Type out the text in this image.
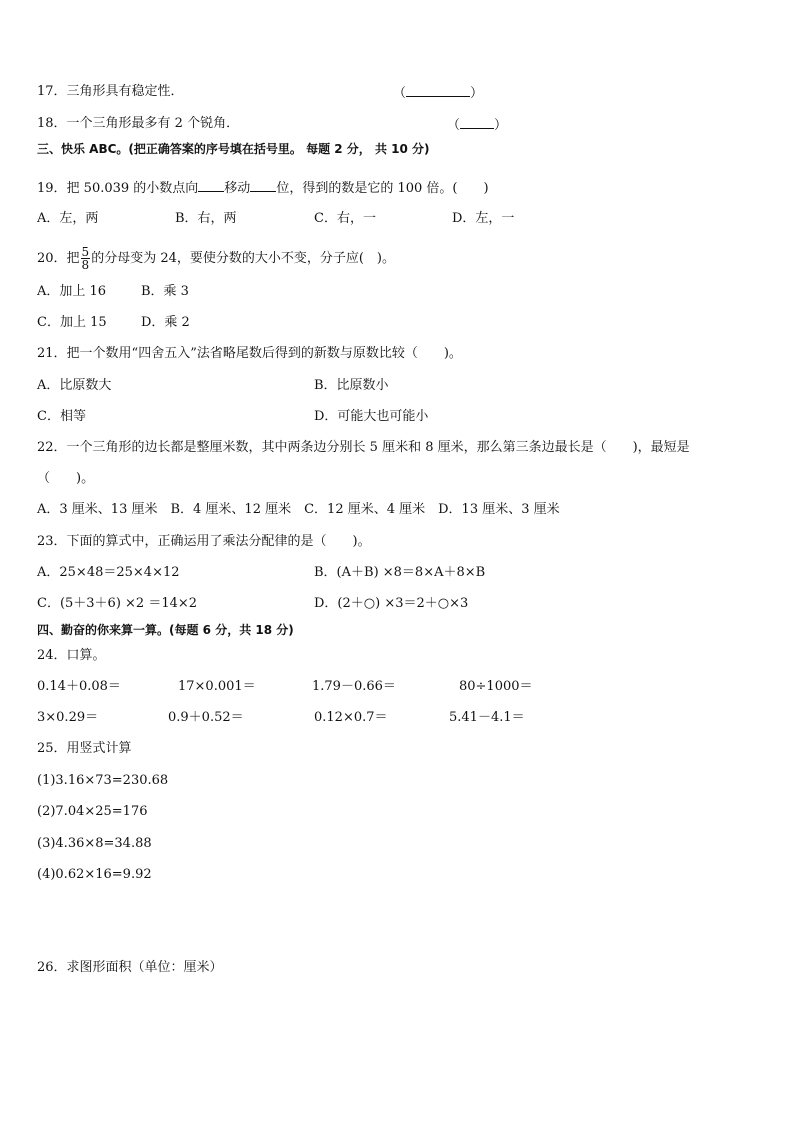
17．三角形具有稳定性．	（	）
18．一个三角形最多有 2 个锐角．	（	）
三、快乐 ABC。(把正确答案的序号填在括号里。 每题 2 分， 共 10 分)
19．把 50.039 的小数点向 移动 位，得到的数是它的 100 倍。(　　)
A．左，两	B．右，两	C．右，一	D．左，一
20．把 $\frac{5}{8}$ 的分母变为 24，要使分数的大小不变，分子应(　)。
A．加上 16	B．乘 3
C．加上 15	D．乘 2
21．把一个数用“四舍五入”法省略尾数后得到的新数与原数比较（　　)。
A．比原数大	B．比原数小
C．相等	D．可能大也可能小
22．一个三角形的边长都是整厘米数，其中两条边分别长 5 厘米和 8 厘米，那么第三条边最长是（　　)，最短是
（　　)。
A．3 厘米、13 厘米　B．4 厘米、12 厘米　C．12 厘米、4 厘米　D．13 厘米、3 厘米
23．下面的算式中，正确运用了乘法分配律的是（　　)。
A．25×48＝25×4×12	B．(A＋B) ×8＝8×A＋8×B
C．(5＋3＋6) ×2 ＝14×2	D．(2＋○) ×3＝2＋○×3
四、勤奋的你来算一算。(每题 6 分，共 18 分)
24．口算。
0.14＋0.08＝	17×0.001＝	1.79－0.66＝	80÷1000＝
3×0.29＝	0.9＋0.52＝	0.12×0.7＝	5.41－4.1＝
25．用竖式计算
(1)3.16×73=230.68
(2)7.04×25=176
(3)4.36×8=34.88
(4)0.62×16=9.92
26．求图形面积（单位：厘米）
